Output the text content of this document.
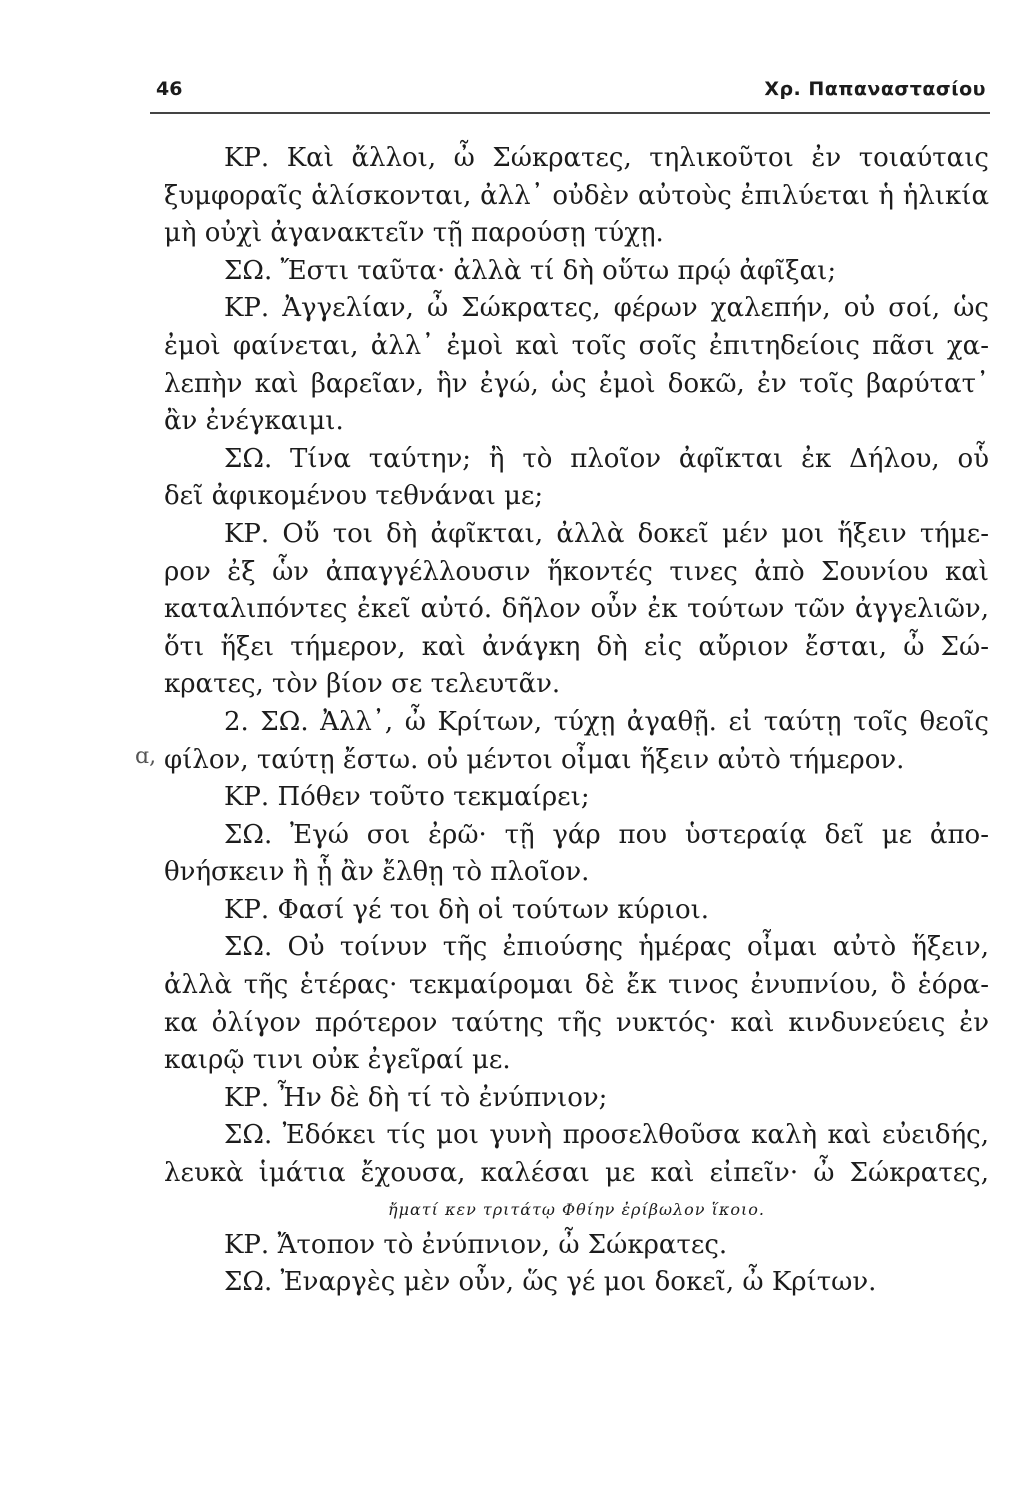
46	Χρ. Παπαναστασίου
ɑ,

ΚΡ. Καὶ ἄλλοι, ὦ Σώκρατες, τηλικοῦτοι ἐν τοιαύταις

ξυμφοραῖς ἁλίσκονται, ἀλλ᾽ οὐδὲν αὐτοὺς ἐπιλύεται ἡ ἡλικία

μὴ οὐχὶ ἀγανακτεῖν τῇ παρούσῃ τύχῃ.

ΣΩ. Ἔστι ταῦτα· ἀλλὰ τί δὴ οὕτω πρῴ ἀφῖξαι;

ΚΡ. Ἀγγελίαν, ὦ Σώκρατες, φέρων χαλεπήν, οὐ σοί, ὡς

ἐμοὶ φαίνεται, ἀλλ᾽ ἐμοὶ καὶ τοῖς σοῖς ἐπιτηδείοις πᾶσι χα-

λεπὴν καὶ βαρεῖαν, ἣν ἐγώ, ὡς ἐμοὶ δοκῶ, ἐν τοῖς βαρύτατ᾽

ἂν ἐνέγκαιμι.

ΣΩ. Τίνα ταύτην; ἢ τὸ πλοῖον ἀφῖκται ἐκ Δήλου, οὗ

δεῖ ἀφικομένου τεθνάναι με;

ΚΡ. Οὔ τοι δὴ ἀφῖκται, ἀλλὰ δοκεῖ μέν μοι ἥξειν τήμε-

ρον ἐξ ὧν ἀπαγγέλλουσιν ἥκοντές τινες ἀπὸ Σουνίου καὶ

καταλιπόντες ἐκεῖ αὐτό. δῆλον οὖν ἐκ τούτων τῶν ἀγγελιῶν,

ὅτι ἥξει τήμερον, καὶ ἀνάγκη δὴ εἰς αὔριον ἔσται, ὦ Σώ-

κρατες, τὸν βίον σε τελευτᾶν.

2. ΣΩ. Ἀλλ᾽, ὦ Κρίτων, τύχῃ ἀγαθῇ. εἰ ταύτῃ τοῖς θεοῖς

φίλον, ταύτῃ ἔστω. οὐ μέντοι οἶμαι ἥξειν αὐτὸ τήμερον.

ΚΡ. Πόθεν τοῦτο τεκμαίρει;

ΣΩ. Ἐγώ σοι ἐρῶ· τῇ γάρ που ὑστεραίᾳ δεῖ με ἀπο-

θνήσκειν ἢ ᾗ ἂν ἔλθῃ τὸ πλοῖον.

ΚΡ. Φασί γέ τοι δὴ οἱ τούτων κύριοι.

ΣΩ. Οὐ τοίνυν τῆς ἐπιούσης ἡμέρας οἶμαι αὐτὸ ἥξειν,

ἀλλὰ τῆς ἑτέρας· τεκμαίρομαι δὲ ἔκ τινος ἐνυπνίου, ὃ ἑόρα-

κα ὀλίγον πρότερον ταύτης τῆς νυκτός· καὶ κινδυνεύεις ἐν

καιρῷ τινι οὐκ ἐγεῖραί με.

ΚΡ. Ἦν δὲ δὴ τί τὸ ἐνύπνιον;

ΣΩ. Ἐδόκει τίς μοι γυνὴ προσελθοῦσα καλὴ καὶ εὐειδής,

λευκὰ ἱμάτια ἔχουσα, καλέσαι με καὶ εἰπεῖν· ὦ Σώκρατες,

ἤματί κεν τριτάτῳ Φθίην ἐρίβωλον ἵκοιο.

ΚΡ. Ἄτοπον τὸ ἐνύπνιον, ὦ Σώκρατες.

ΣΩ. Ἐναργὲς μὲν οὖν, ὥς γέ μοι δοκεῖ, ὦ Κρίτων.
